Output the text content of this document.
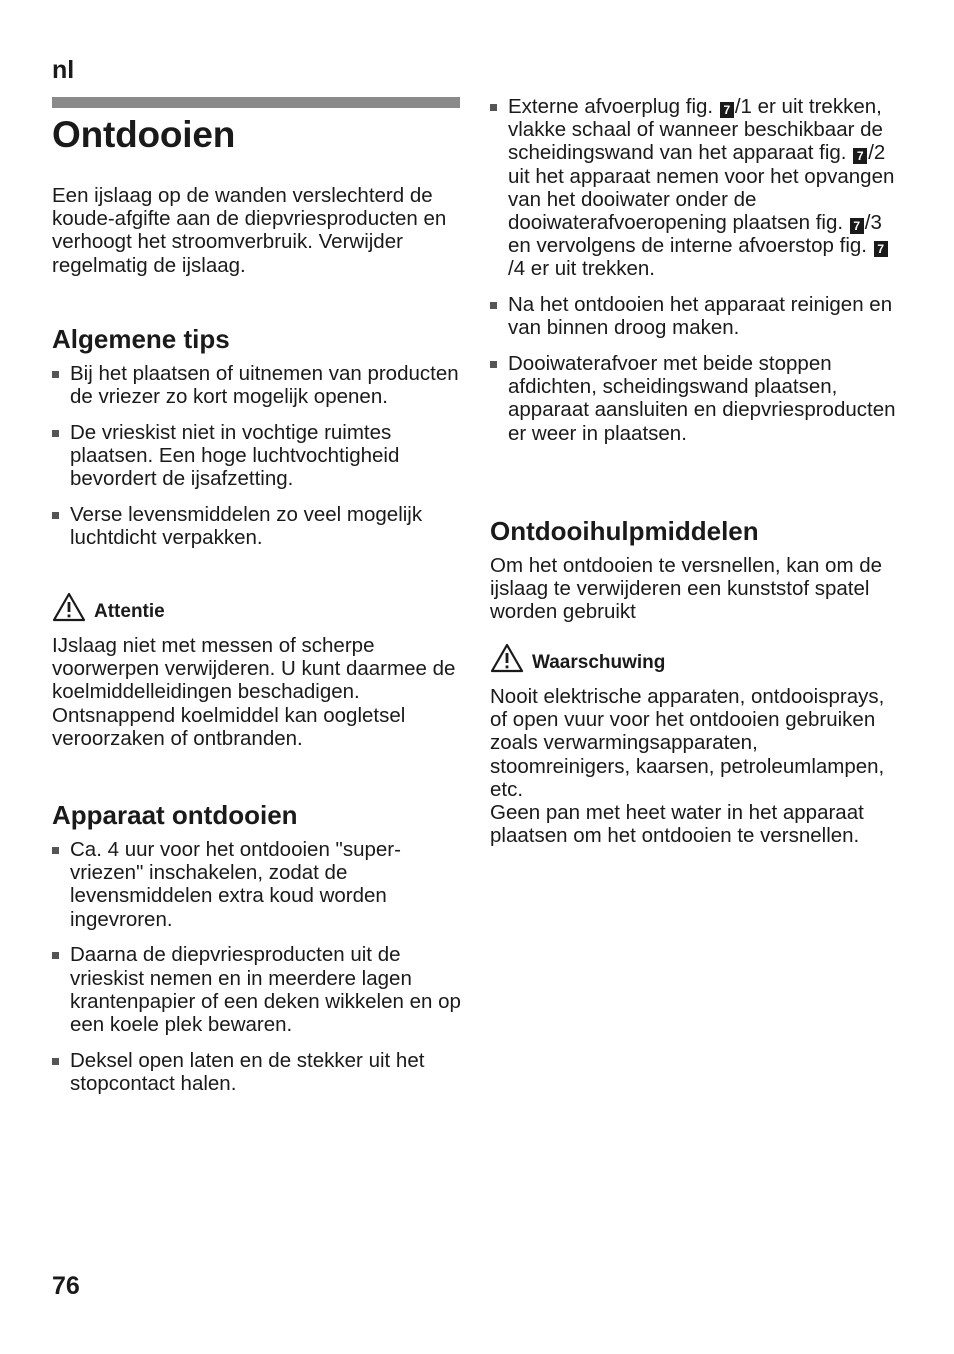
nl
Ontdooien

Een ijslaag op de wanden verslechterd de koude-afgifte aan de diepvriesproducten en verhoogt het stroomverbruik. Verwijder regelmatig de ijslaag.

Algemene tips
Bij het plaatsen of uitnemen van producten de vriezer zo kort mogelijk openen.
De vrieskist niet in vochtige ruimtes plaatsen. Een hoge luchtvochtigheid bevordert de ijsafzetting.
Verse levensmiddelen zo veel mogelijk luchtdicht verpakken.
Attentie

IJslaag niet met messen of scherpe voorwerpen verwijderen. U kunt daarmee de koelmiddelleidingen beschadigen. Ontsnappend koelmiddel kan oogletsel veroorzaken of ontbranden.

Apparaat ontdooien
Ca. 4 uur voor het ontdooien "super-vriezen" inschakelen, zodat de levensmiddelen extra koud worden ingevroren.
Daarna de diepvriesproducten uit de vrieskist nemen en in meerdere lagen krantenpapier of een deken wikkelen en op een koele plek bewaren.
Deksel open laten en de stekker uit het stopcontact halen.
Externe afvoerplug fig. 7 /1 er uit trekken, vlakke schaal of wanneer beschikbaar de scheidingswand van het apparaat fig. 7 /2 uit het apparaat nemen voor het opvangen van het dooiwater onder de dooiwaterafvoeropening plaatsen fig. 7 /3 en vervolgens de interne afvoerstop fig. 7/4 er uit trekken.
Na het ontdooien het apparaat reinigen en van binnen droog maken.
Dooiwaterafvoer met beide stoppen afdichten, scheidingswand plaatsen, apparaat aansluiten en diepvriesproducten er weer in plaatsen.
Ontdooihulpmiddelen

Om het ontdooien te versnellen, kan om de ijslaag te verwijderen een kunststof spatel worden gebruikt

Waarschuwing

Nooit elektrische apparaten, ontdooisprays, of open vuur voor het ontdooien gebruiken zoals verwarmingsapparaten, stoomreinigers, kaarsen, petroleumlampen, etc.

Geen pan met heet water in het apparaat plaatsen om het ontdooien te versnellen.

76
